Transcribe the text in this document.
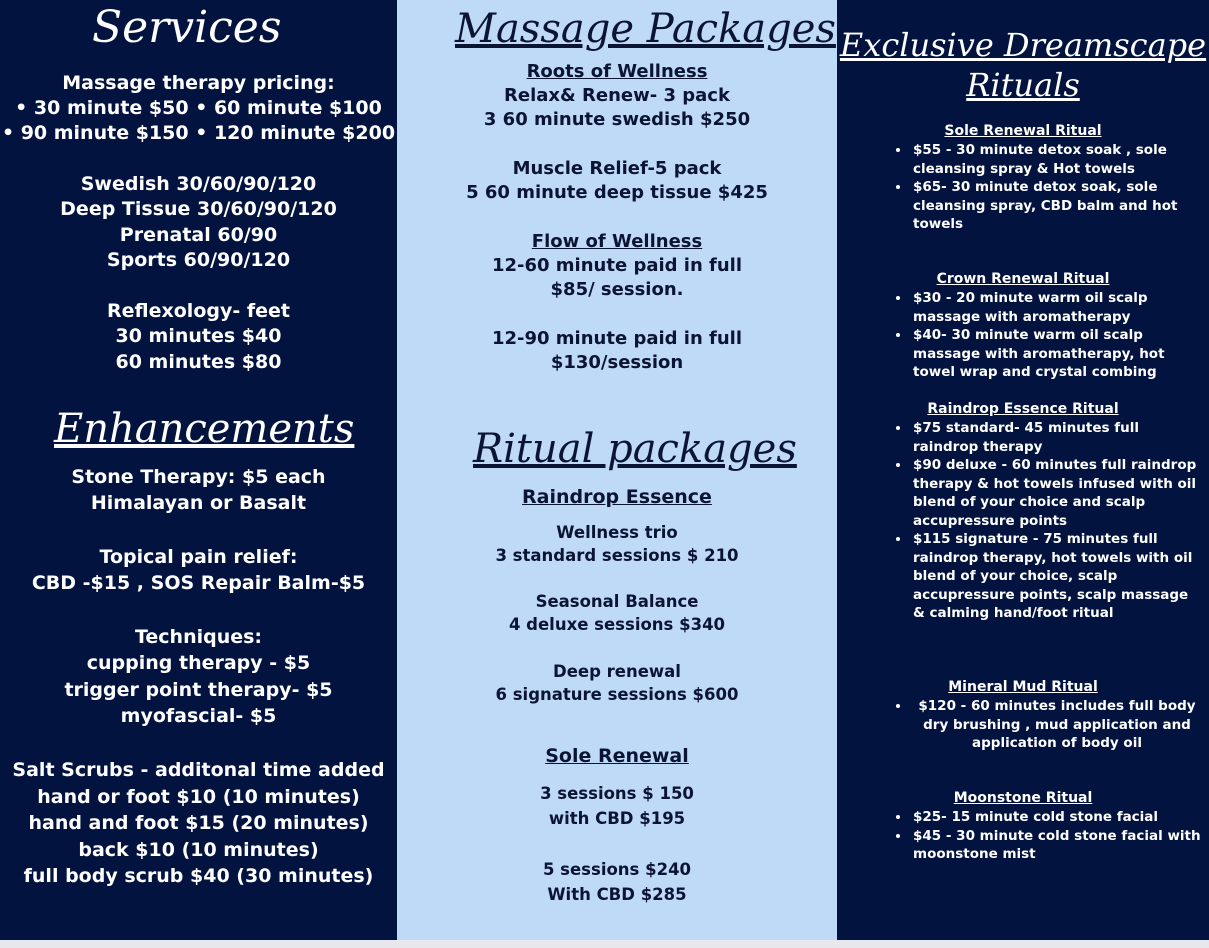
Services
Massage therapy pricing:
• 30 minute $50 • 60 minute $100
• 90 minute $150 • 120 minute $200
Swedish 30/60/90/120
Deep Tissue 30/60/90/120
Prenatal 60/90
Sports 60/90/120
Reflexology- feet
30 minutes $40
60 minutes $80
Enhancements
Stone Therapy: $5 each
Himalayan or Basalt
Topical pain relief:
CBD -$15 , SOS Repair Balm-$5
Techniques:
cupping therapy - $5
trigger point therapy- $5
myofascial- $5
Salt Scrubs - additonal time added
hand or foot $10 (10 minutes)
hand and foot $15 (20 minutes)
back $10 (10 minutes)
full body scrub $40 (30 minutes)
Massage Packages
Roots of Wellness
Relax& Renew- 3 pack
3 60 minute swedish $250
Muscle Relief-5 pack
5 60 minute deep tissue $425
Flow of Wellness
12-60 minute paid in full
$85/ session.
12-90 minute paid in full
$130/session
Ritual packages
Raindrop Essence
Wellness trio
3 standard sessions $ 210
Seasonal Balance
4 deluxe sessions $340
Deep renewal
6 signature sessions $600
Sole Renewal
3 sessions $ 150
with CBD $195
5 sessions $240
With CBD $285
Exclusive Dreamscape
Rituals
Sole Renewal Ritual
• $55 - 30 minute detox soak , sole cleansing spray & Hot towels
• $65- 30 minute detox soak, sole cleansing spray, CBD balm and hot towels
Crown Renewal Ritual
• $30 - 20 minute warm oil scalp massage with aromatherapy
• $40- 30 minute warm oil scalp massage with aromatherapy, hot towel wrap and crystal combing
Raindrop Essence Ritual
• $75 standard- 45 minutes full raindrop therapy
• $90 deluxe - 60 minutes full raindrop therapy & hot towels infused with oil blend of your choice and scalp accupressure points
• $115 signature - 75 minutes full raindrop therapy, hot towels with oil blend of your choice, scalp accupressure points, scalp massage & calming hand/foot ritual
Mineral Mud Ritual
• $120 - 60 minutes includes full body dry brushing , mud application and application of body oil
Moonstone Ritual
• $25- 15 minute cold stone facial
• $45 - 30 minute cold stone facial with moonstone mist
